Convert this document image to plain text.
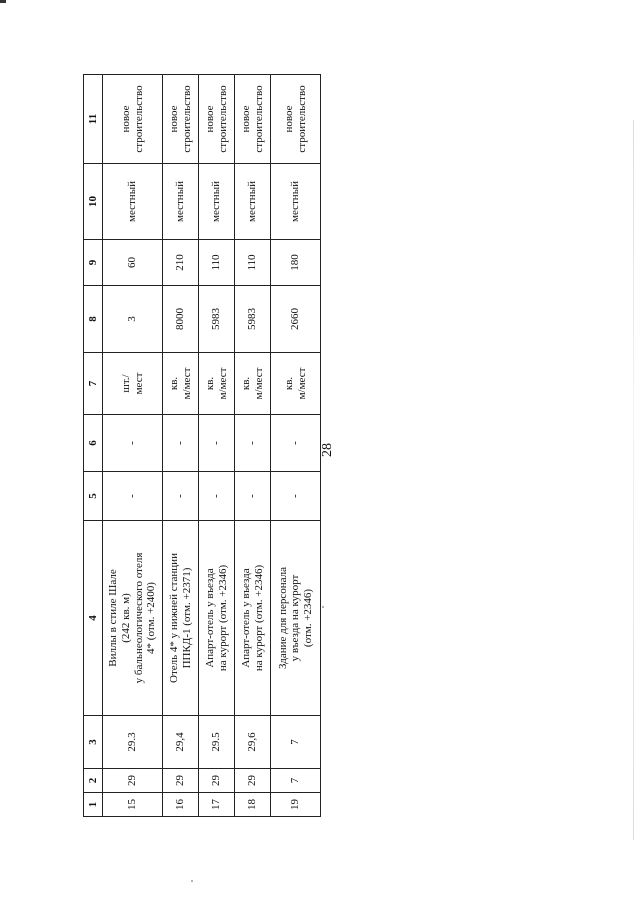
28
1	2	3	4	5	6	7	8	9	10	11
15	29	29.3	Виллы в стиле Шале
(242 кв. м)
у бальнеологического отеля
4* (отм. +2400)	-	-	шт./
мест	3	60	местный	новое
строительство
16	29	29,4	Отель 4* у нижней станции
ППКД-1 (отм. +2371)	-	-	кв.
м/мест	8000	210	местный	новое
строительство
17	29	29.5	Апарт-отель у въезда
на курорт (отм. +2346)	-	-	кв.
м/мест	5983	110	местный	новое
строительство
18	29	29,6	Апарт-отель у въезда
на курорт (отм. +2346)	-	-	кв.
м/мест	5983	110	местный	новое
строительство
19	7	7	Здание для персонала
у въезда на курорт
(отм. +2346)	-	-	кв.
м/мест	2660	180	местный	новое
строительство
